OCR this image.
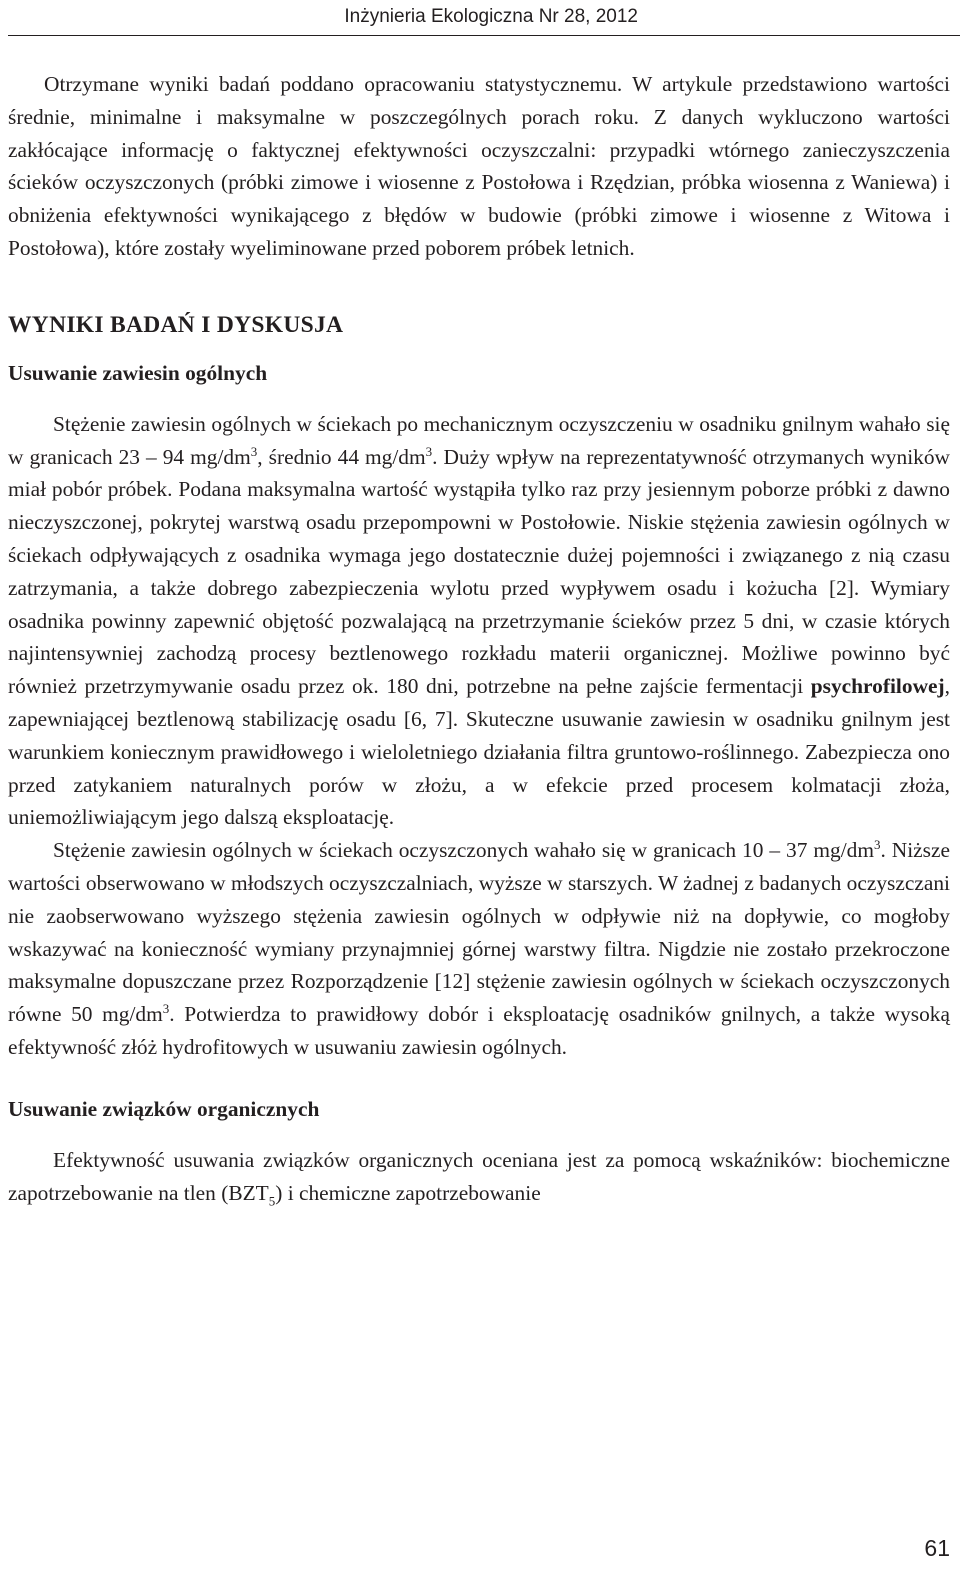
Inżynieria Ekologiczna Nr 28, 2012

Otrzymane wyniki badań poddano opracowaniu statystycznemu. W artykule przedstawiono wartości średnie, minimalne i maksymalne w poszczególnych porach roku. Z danych wykluczono wartości zakłócające informację o faktycznej efektywności oczyszczalni: przypadki wtórnego zanieczyszczenia ścieków oczyszczonych (próbki zimowe i wiosenne z Postołowa i Rzędzian, próbka wiosenna z Waniewa) i obniżenia efektywności wynikającego z błędów w budowie (próbki zimowe i wiosenne z Witowa i Postołowa), które zostały wyeliminowane przed poborem próbek letnich.

WYNIKI BADAŃ I DYSKUSJA
Usuwanie zawiesin ogólnych

Stężenie zawiesin ogólnych w ściekach po mechanicznym oczyszczeniu w osadniku gnilnym wahało się w granicach 23 – 94 $mg/dm^3$, średnio 44 $mg/dm^3$. Duży wpływ na reprezentatywność otrzymanych wyników miał pobór próbek. Podana maksymalna wartość wystąpiła tylko raz przy jesiennym poborze próbki z dawno nieczyszczonej, pokrytej warstwą osadu przepompowni w Postołowie. Niskie stężenia zawiesin ogólnych w ściekach odpływających z osadnika wymaga jego dostatecznie dużej pojemności i związanego z nią czasu zatrzymania, a także dobrego zabezpieczenia wylotu przed wypływem osadu i kożucha [2]. Wymiary osadnika powinny zapewnić objętość pozwalającą na przetrzymanie ścieków przez 5 dni, w czasie których najintensywniej zachodzą procesy beztlenowego rozkładu materii organicznej. Możliwe powinno być również przetrzymywanie osadu przez ok. 180 dni, potrzebne na pełne zajście fermentacji psychrofilowej, zapewniającej beztlenową stabilizację osadu [6, 7]. Skuteczne usuwanie zawiesin w osadniku gnilnym jest warunkiem koniecznym prawidłowego i wieloletniego działania filtra gruntowo-roślinnego. Zabezpiecza ono przed zatykaniem naturalnych porów w złożu, a w efekcie przed procesem kolmatacji złoża, uniemożliwiającym jego dalszą eksploatację.

Stężenie zawiesin ogólnych w ściekach oczyszczonych wahało się w granicach 10 – 37 $mg/dm^3$. Niższe wartości obserwowano w młodszych oczyszczalniach, wyższe w starszych. W żadnej z badanych oczyszczani nie zaobserwowano wyższego stężenia zawiesin ogólnych w odpływie niż na dopływie, co mogłoby wskazywać na konieczność wymiany przynajmniej górnej warstwy filtra. Nigdzie nie zostało przekroczone maksymalne dopuszczane przez Rozporządzenie [12] stężenie zawiesin ogólnych w ściekach oczyszczonych równe 50 $mg/dm^3$. Potwierdza to prawidłowy dobór i eksploatację osadników gnilnych, a także wysoką efektywność złóż hydrofitowych w usuwaniu zawiesin ogólnych.

Usuwanie związków organicznych

Efektywność usuwania związków organicznych oceniana jest za pomocą wskaźników: biochemiczne zapotrzebowanie na tlen $(BZT_5)$ i chemiczne zapotrzebowanie

61
